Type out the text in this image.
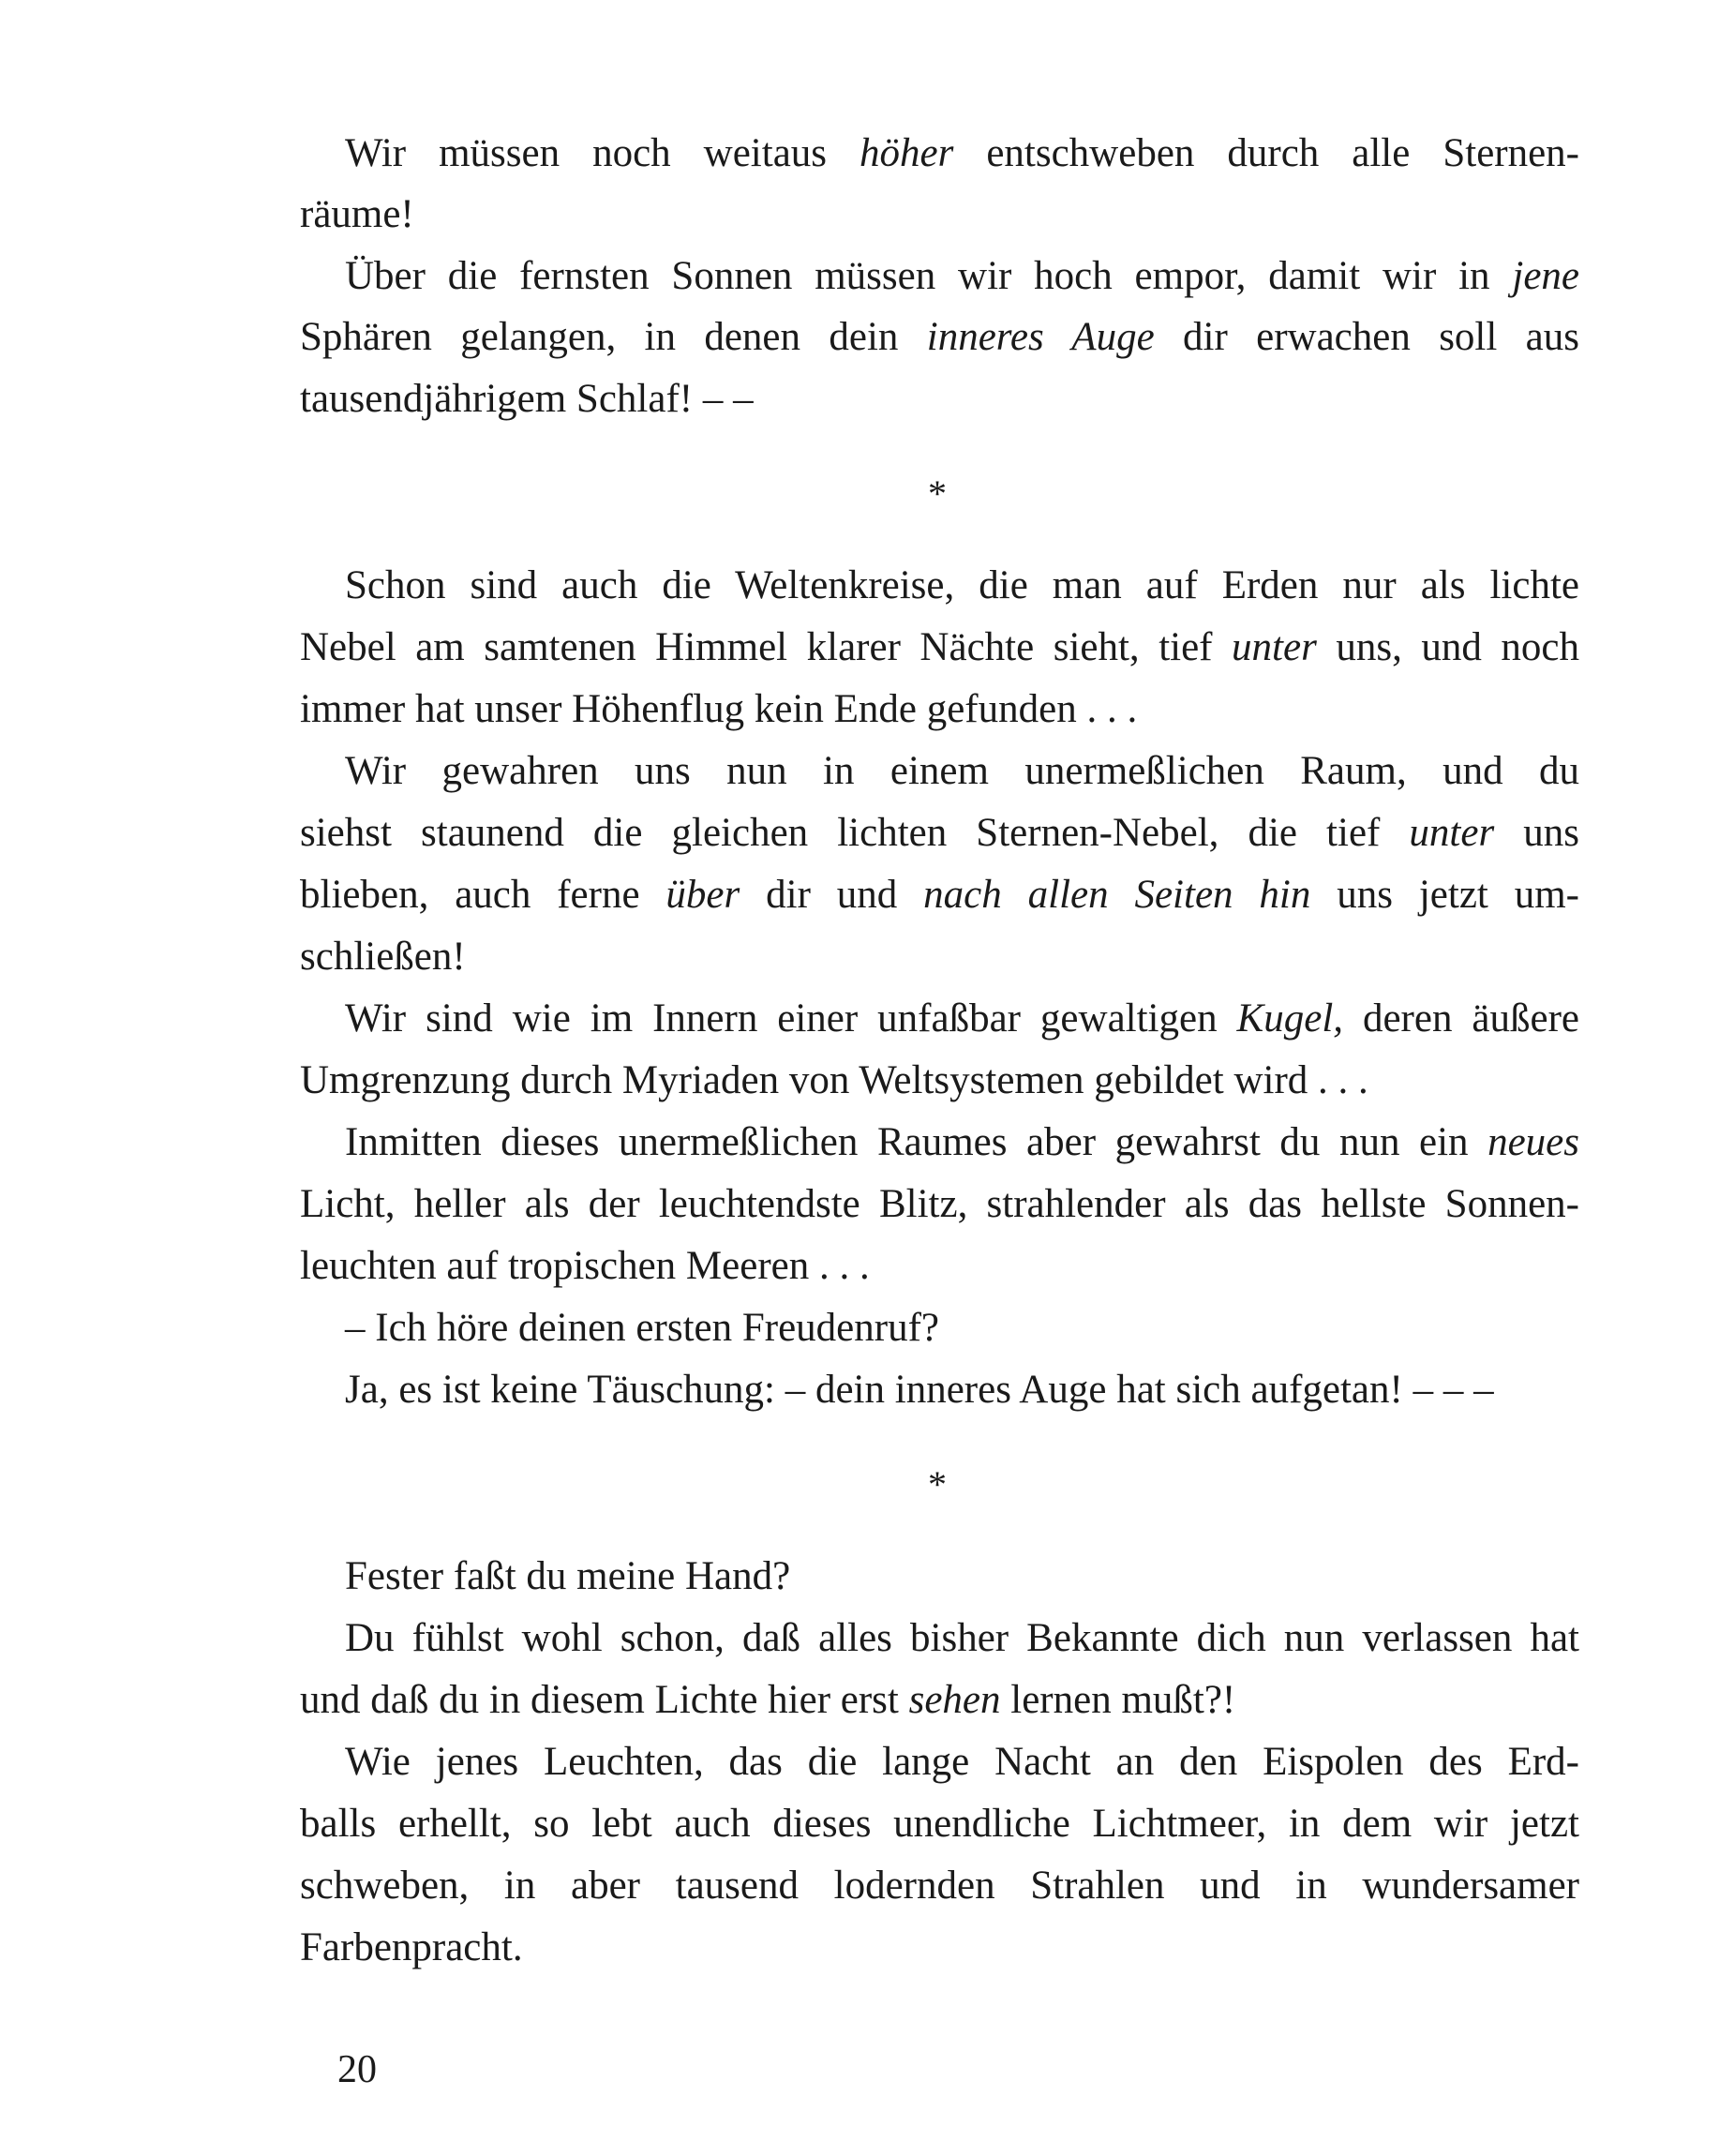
Wir müssen noch weitaus höher entschweben durch alle Sternen-
räume!
Über die fernsten Sonnen müssen wir hoch empor, damit wir in jene
Sphären gelangen, in denen dein inneres Auge dir erwachen soll aus
tausendjährigem Schlaf! – –
*
Schon sind auch die Weltenkreise, die man auf Erden nur als lichte
Nebel am samtenen Himmel klarer Nächte sieht, tief unter uns, und noch
immer hat unser Höhenflug kein Ende gefunden . . .
Wir gewahren uns nun in einem unermeßlichen Raum, und du
siehst staunend die gleichen lichten Sternen-Nebel, die tief unter uns
blieben, auch ferne über dir und nach allen Seiten hin uns jetzt um-
schließen!
Wir sind wie im Innern einer unfaßbar gewaltigen Kugel, deren äußere
Umgrenzung durch Myriaden von Weltsystemen gebildet wird . . .
Inmitten dieses unermeßlichen Raumes aber gewahrst du nun ein neues
Licht, heller als der leuchtendste Blitz, strahlender als das hellste Sonnen-
leuchten auf tropischen Meeren . . .
– Ich höre deinen ersten Freudenruf?
Ja, es ist keine Täuschung: – dein inneres Auge hat sich aufgetan! – – –
*
Fester faßt du meine Hand?
Du fühlst wohl schon, daß alles bisher Bekannte dich nun verlassen hat
und daß du in diesem Lichte hier erst sehen lernen mußt?!
Wie jenes Leuchten, das die lange Nacht an den Eispolen des Erd-
balls erhellt, so lebt auch dieses unendliche Lichtmeer, in dem wir jetzt
schweben, in aber tausend lodernden Strahlen und in wundersamer
Farbenpracht.
20
